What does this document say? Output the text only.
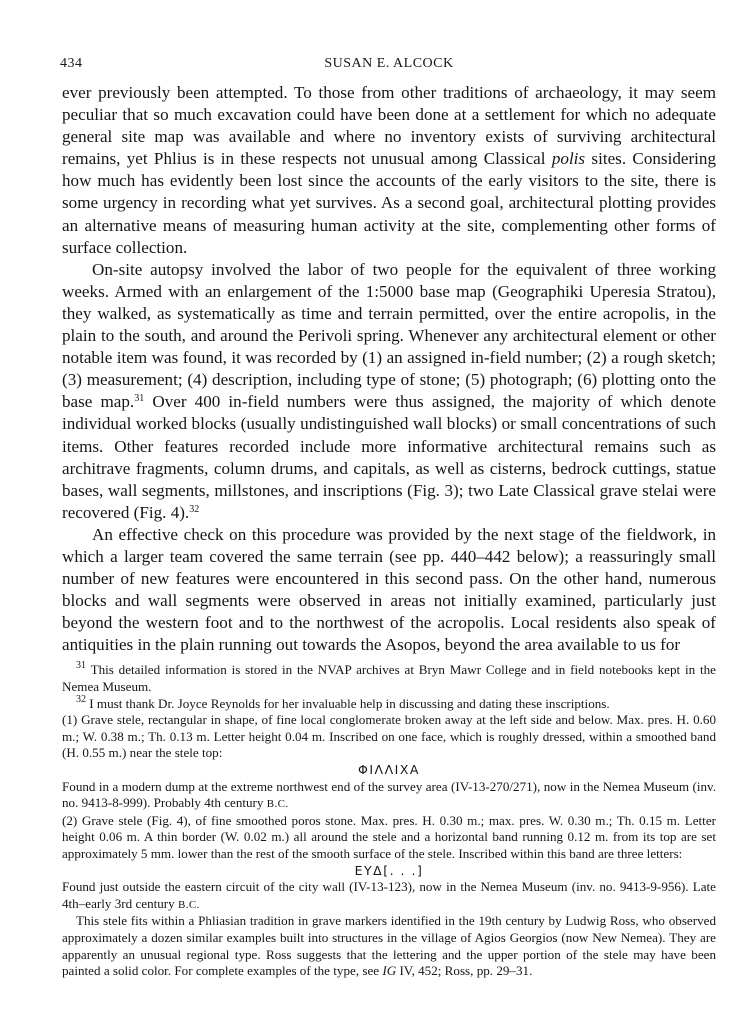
434	SUSAN E. ALCOCK

ever previously been attempted. To those from other traditions of archaeology, it may seem peculiar that so much excavation could have been done at a settlement for which no adequate general site map was available and where no inventory exists of surviving architectural remains, yet Phlius is in these respects not unusual among Classical polis sites. Considering how much has evidently been lost since the accounts of the early visitors to the site, there is some urgency in recording what yet survives. As a second goal, architectural plotting provides an alternative means of measuring human activity at the site, complementing other forms of surface collection.

On-site autopsy involved the labor of two people for the equivalent of three working weeks. Armed with an enlargement of the 1:5000 base map (Geographiki Uperesia Stratou), they walked, as systematically as time and terrain permitted, over the entire acropolis, in the plain to the south, and around the Perivoli spring. Whenever any architectural element or other notable item was found, it was recorded by (1) an assigned in-field number; (2) a rough sketch; (3) measurement; (4) description, including type of stone; (5) photograph; (6) plotting onto the base map.$^{31}$ Over 400 in-field numbers were thus assigned, the majority of which denote individual worked blocks (usually undistinguished wall blocks) or small concentrations of such items. Other features recorded include more informative architectural remains such as architrave fragments, column drums, and capitals, as well as cisterns, bedrock cuttings, statue bases, wall segments, millstones, and inscriptions (Fig. 3); two Late Classical grave stelai were recovered (Fig. 4).$^{32}$

An effective check on this procedure was provided by the next stage of the fieldwork, in which a larger team covered the same terrain (see pp. 440–442 below); a reassuringly small number of new features were encountered in this second pass. On the other hand, numerous blocks and wall segments were observed in areas not initially examined, particularly just beyond the western foot and to the northwest of the acropolis. Local residents also speak of antiquities in the plain running out towards the Asopos, beyond the area available to us for

$^{31}$ This detailed information is stored in the NVAP archives at Bryn Mawr College and in field notebooks kept in the Nemea Museum.

$^{32}$ I must thank Dr. Joyce Reynolds for her invaluable help in discussing and dating these inscriptions.

(1) Grave stele, rectangular in shape, of fine local conglomerate broken away at the left side and below. Max. pres. H. 0.60 m.; W. 0.38 m.; Th. 0.13 m. Letter height 0.04 m. Inscribed on one face, which is roughly dressed, within a smoothed band (H. 0.55 m.) near the stele top:

ΦΙΛΛΙΧΑ

Found in a modern dump at the extreme northwest end of the survey area (IV-13-270/271), now in the Nemea Museum (inv. no. 9413-8-999). Probably 4th century B.C.

(2) Grave stele (Fig. 4), of fine smoothed poros stone. Max. pres. H. 0.30 m.; max. pres. W. 0.30 m.; Th. 0.15 m. Letter height 0.06 m. A thin border (W. 0.02 m.) all around the stele and a horizontal band running 0.12 m. from its top are set approximately 5 mm. lower than the rest of the smooth surface of the stele. Inscribed within this band are three letters:

ΕΥΔ[. . .]

Found just outside the eastern circuit of the city wall (IV-13-123), now in the Nemea Museum (inv. no. 9413-9-956). Late 4th–early 3rd century B.C.

This stele fits within a Phliasian tradition in grave markers identified in the 19th century by Ludwig Ross, who observed approximately a dozen similar examples built into structures in the village of Agios Georgios (now New Nemea). They are apparently an unusual regional type. Ross suggests that the lettering and the upper portion of the stele may have been painted a solid color. For complete examples of the type, see IG IV, 452; Ross, pp. 29–31.
